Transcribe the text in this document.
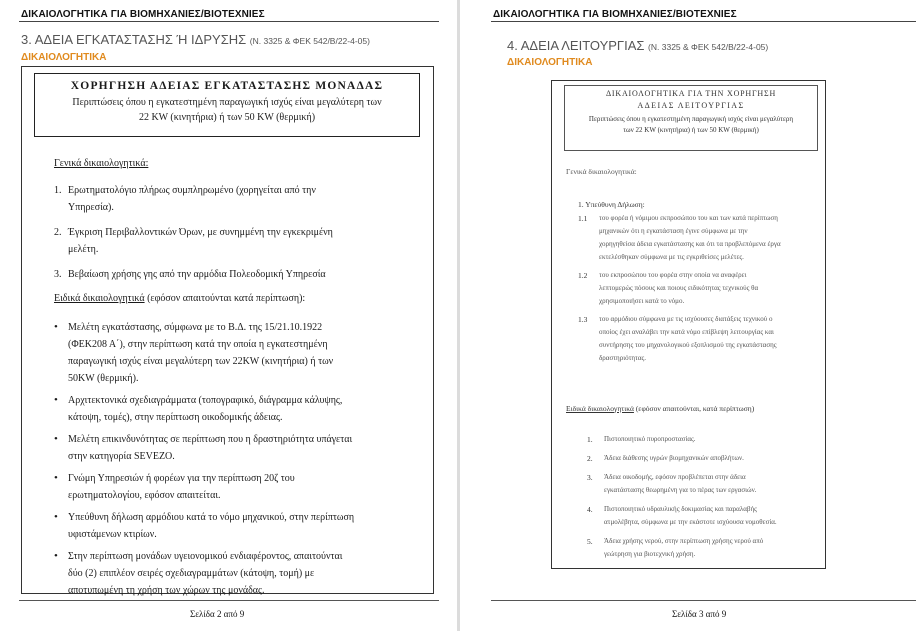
ΔΙΚΑΙΟΛΟΓΗΤΙΚΑ ΓΙΑ ΒΙΟΜΗΧΑΝΙΕΣ/ΒΙΟΤΕΧΝΙΕΣ
3. ΑΔΕΙΑ ΕΓΚΑΤΑΣΤΑΣΗΣ Ή ΙΔΡΥΣΗΣ (Ν. 3325 & ΦΕΚ 542/Β/22-4-05)
ΔΙΚΑΙΟΛΟΓΗΤΙΚΑ
ΧΟΡΗΓΗΣΗ ΑΔΕΙΑΣ ΕΓΚΑΤΑΣΤΑΣΗΣ ΜΟΝΑΔΑΣ
Περιπτώσεις όπου η εγκατεστημένη παραγωγική ισχύς είναι μεγαλύτερη των
22 KW (κινητήρια) ή των 50 KW (θερμική)
Γενικά δικαιολογητικά:
1. Ερωτηματολόγιο πλήρως συμπληρωμένο (χορηγείται από την
Υπηρεσία).
2. Έγκριση Περιβαλλοντικών Όρων, με συνημμένη την εγκεκριμένη
μελέτη.
3. Βεβαίωση χρήσης γης από την αρμόδια Πολεοδομική Υπηρεσία
Ειδικά δικαιολογητικά (εφόσον απαιτούνται κατά περίπτωση):
• Μελέτη εγκατάστασης, σύμφωνα με το Β.Δ. της 15/21.10.1922
(ΦΕΚ208 Α΄), στην περίπτωση κατά την οποία η εγκατεστημένη
παραγωγική ισχύς είναι μεγαλύτερη των 22KW (κινητήρια) ή των
50KW (θερμική).
• Αρχιτεκτονικά σχεδιαγράμματα (τοπογραφικό, διάγραμμα κάλυψης,
κάτοψη, τομές), στην περίπτωση οικοδομικής άδειας.
• Μελέτη επικινδυνότητας σε περίπτωση που η δραστηριότητα υπάγεται
στην κατηγορία SEVEZO.
• Γνώμη Υπηρεσιών ή φορέων για την περίπτωση 20ζ του
ερωτηματολογίου, εφόσον απαιτείται.
• Υπεύθυνη δήλωση αρμόδιου κατά το νόμο μηχανικού, στην περίπτωση
υφιστάμενων κτιρίων.
• Στην περίπτωση μονάδων υγειονομικού ενδιαφέροντος, απαιτούνται
δύο (2) επιπλέον σειρές σχεδιαγραμμάτων (κάτοψη, τομή) με
αποτυπωμένη τη χρήση των χώρων της μονάδας.
Σελίδα 2 από 9
ΔΙΚΑΙΟΛΟΓΗΤΙΚΑ ΓΙΑ ΒΙΟΜΗΧΑΝΙΕΣ/ΒΙΟΤΕΧΝΙΕΣ
4. ΑΔΕΙΑ ΛΕΙΤΟΥΡΓΙΑΣ (Ν. 3325 & ΦΕΚ 542/Β/22-4-05)
ΔΙΚΑΙΟΛΟΓΗΤΙΚΑ
ΔΙΚΑΙΟΛΟΓΗΤΙΚΑ ΓΙΑ ΤΗΝ ΧΟΡΗΓΗΣΗ
ΑΔΕΙΑΣ ΛΕΙΤΟΥΡΓΙΑΣ
Περιπτώσεις όπου η εγκατεστημένη παραγωγική ισχύς είναι μεγαλύτερη
των 22 KW (κινητήρια) ή των 50 KW (θερμική)
Γενικά δικαιολογητικά:
1. Υπεύθυνη Δήλωση:
1.1 του φορέα ή νόμιμου εκπροσώπου του και των κατά περίπτωση
μηχανικών ότι η εγκατάσταση έγινε σύμφωνα με την
χορηγηθείσα άδεια εγκατάστασης και ότι τα προβλεπόμενα έργα
εκτελέσθηκαν σύμφωνα με τις εγκριθείσες μελέτες.
1.2 του εκπροσώπου του φορέα στην οποία να αναφέρει
λεπτομερώς πόσους και ποιους ειδικότητας τεχνικούς θα
χρησιμοποιήσει κατά το νόμο.
1.3 του αρμόδιου σύμφωνα με τις ισχύουσες διατάξεις τεχνικού ο
οποίος έχει αναλάβει την κατά νόμο επίβλεψη λειτουργίας και
συντήρησης του μηχανολογικού εξοπλισμού της εγκατάστασης
δραστηριότητας.
Ειδικά δικαιολογητικά (εφόσον απαιτούνται, κατά περίπτωση)
1. Πιστοποιητικό πυροπροστασίας.
2. Άδεια διάθεσης υγρών βιομηχανικών αποβλήτων.
3. Άδεια οικοδομής, εφόσον προβλέπεται στην άδεια
εγκατάστασης θεωρημένη για το πέρας των εργασιών.
4. Πιστοποιητικό υδραυλικής δοκιμασίας και παραλαβής
ατμολέβητα, σύμφωνα με την εκάστοτε ισχύουσα νομοθεσία.
5. Άδεια χρήσης νερού, στην περίπτωση χρήσης νερού από
γεώτρηση για βιοτεχνική χρήση.
Σελίδα 3 από 9
